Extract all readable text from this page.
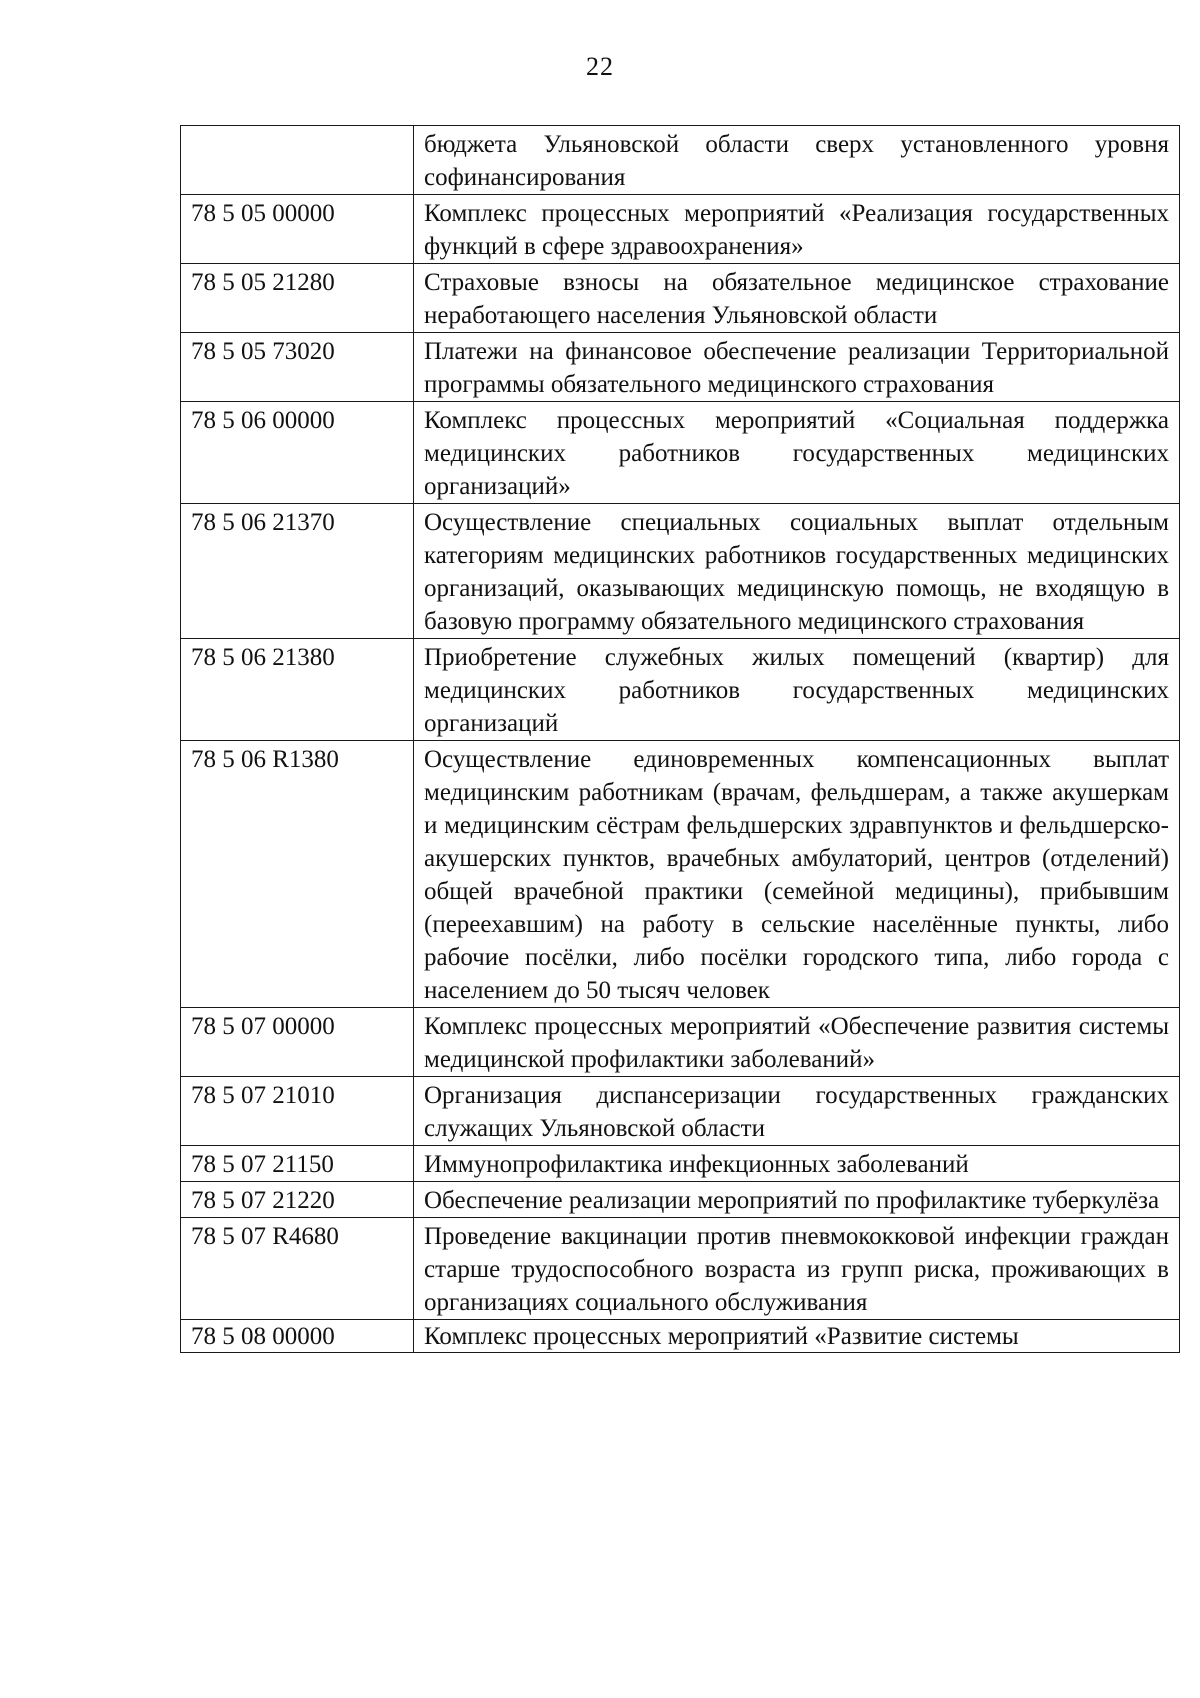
22
	бюджета Ульяновской области сверх установленного уровня софинансирования
78 5 05 00000	Комплекс процессных мероприятий «Реализация государственных функций в сфере здравоохранения»
78 5 05 21280	Страховые взносы на обязательное медицинское страхование неработающего населения Ульяновской области
78 5 05 73020	Платежи на финансовое обеспечение реализации Территориальной программы обязательного медицинского страхования
78 5 06 00000	Комплекс процессных мероприятий «Социальная поддержка медицинских работников государственных медицинских организаций»
78 5 06 21370	Осуществление специальных социальных выплат отдельным категориям медицинских работников государственных медицинских организаций, оказывающих медицинскую помощь, не входящую в базовую программу обязательного медицинского страхования
78 5 06 21380	Приобретение служебных жилых помещений (квартир) для медицинских работников государственных медицинских организаций
78 5 06 R1380	Осуществление единовременных компенсационных выплат медицинским работникам (врачам, фельдшерам, а также акушеркам и медицинским сёстрам фельдшерских здравпунктов и фельдшерско-акушерских пунктов, врачебных амбулаторий, центров (отделений) общей врачебной практики (семейной медицины), прибывшим (переехавшим) на работу в сельские населённые пункты, либо рабочие посёлки, либо посёлки городского типа, либо города с населением до 50 тысяч человек
78 5 07 00000	Комплекс процессных мероприятий «Обеспечение развития системы медицинской профилактики заболеваний»
78 5 07 21010	Организация диспансеризации государственных гражданских служащих Ульяновской области
78 5 07 21150	Иммунопрофилактика инфекционных заболеваний
78 5 07 21220	Обеспечение реализации мероприятий по профилактике туберкулёза
78 5 07 R4680	Проведение вакцинации против пневмококковой инфекции граждан старше трудоспособного возраста из групп риска, проживающих в организациях социального обслуживания
78 5 08 00000	Комплекс процессных мероприятий «Развитие системы
